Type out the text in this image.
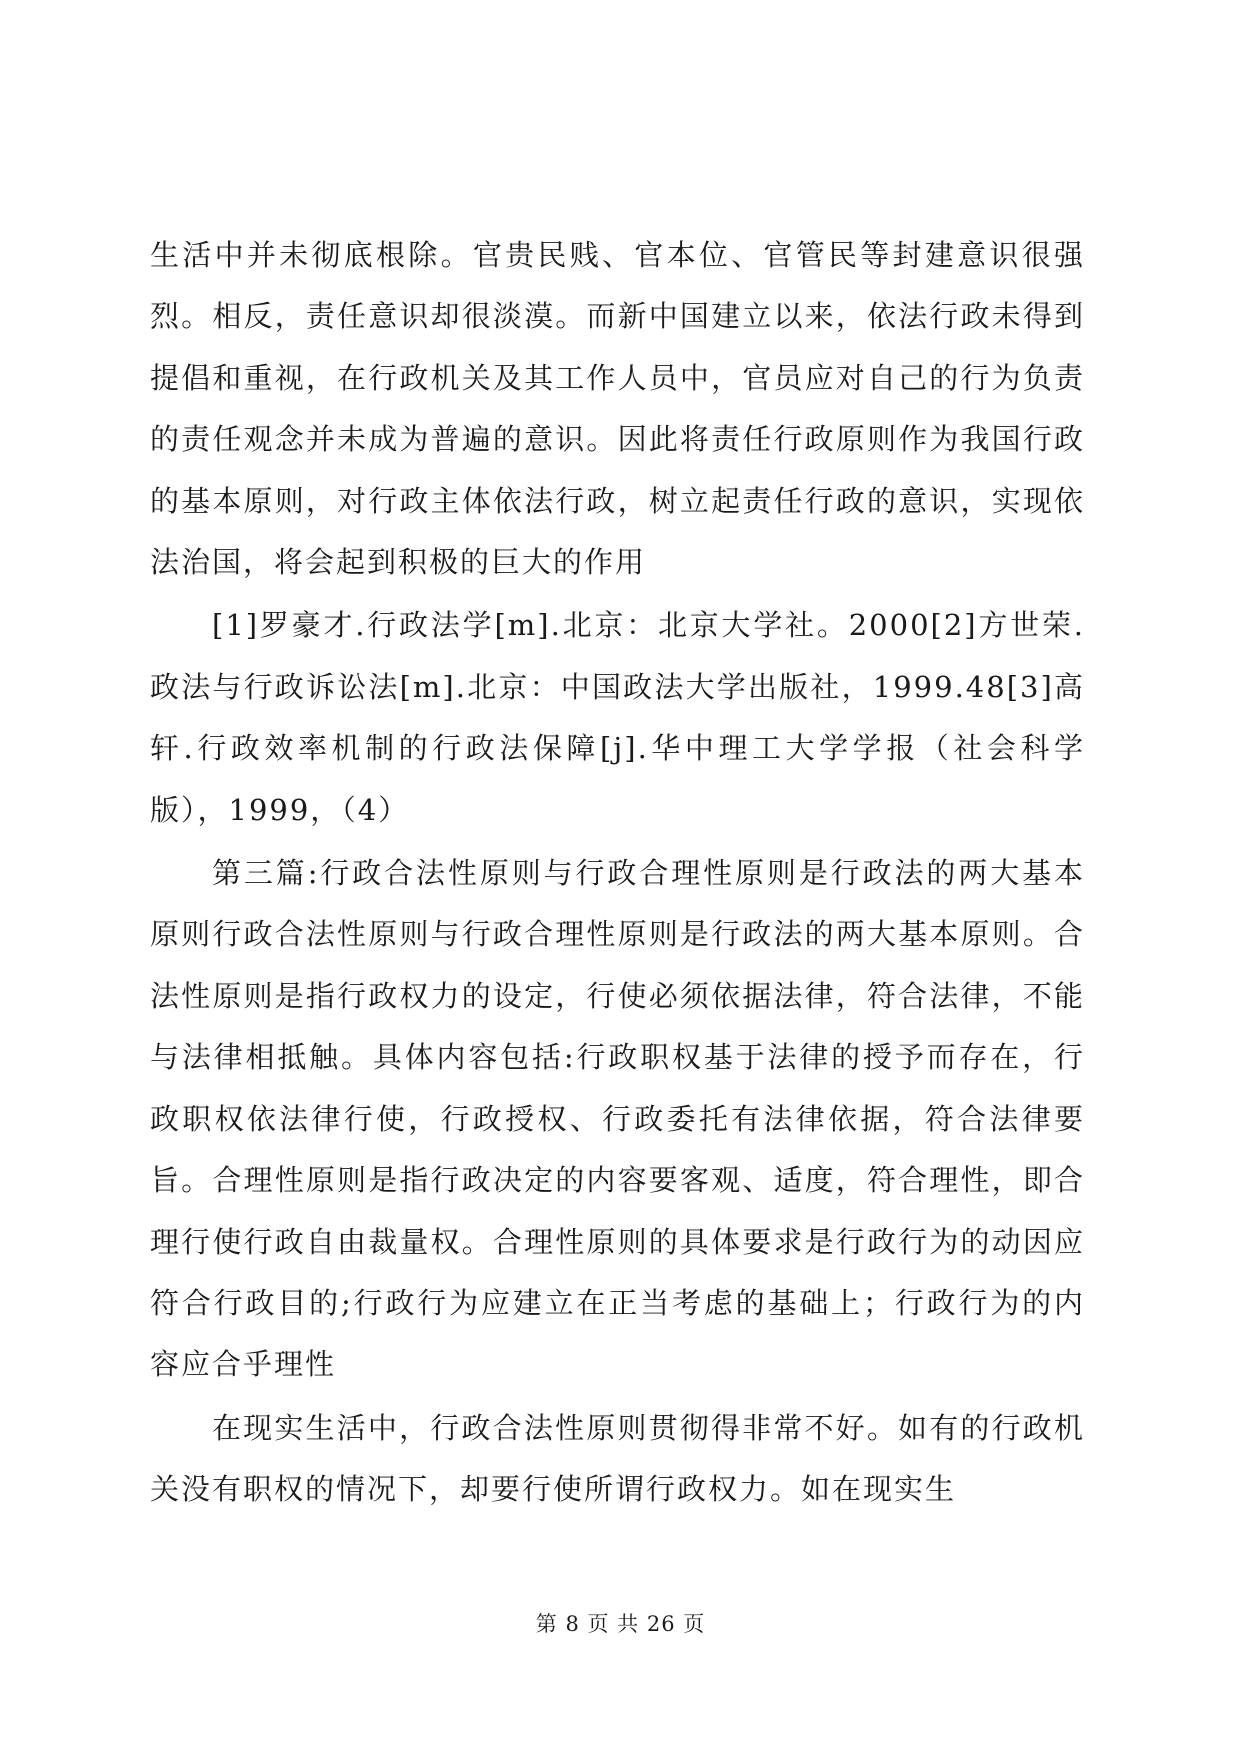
生活中并未彻底根除。官贵民贱、官本位、官管民等封建意识很强烈。相反，责任意识却很淡漠。而新中国建立以来，依法行政未得到提倡和重视，在行政机关及其工作人员中，官员应对自己的行为负责的责任观念并未成为普遍的意识。因此将责任行政原则作为我国行政的基本原则，对行政主体依法行政，树立起责任行政的意识，实现依法治国，将会起到积极的巨大的作用

[1]罗豪才.行政法学[m].北京：北京大学社。2000[2]方世荣.政法与行政诉讼法[m].北京：中国政法大学出版社，1999.48[3]高轩.行政效率机制的行政法保障[j].华中理工大学学报（社会科学版），1999，（4）

第三篇:行政合法性原则与行政合理性原则是行政法的两大基本原则行政合法性原则与行政合理性原则是行政法的两大基本原则。合法性原则是指行政权力的设定，行使必须依据法律，符合法律，不能与法律相抵触。具体内容包括:行政职权基于法律的授予而存在，行政职权依法律行使，行政授权、行政委托有法律依据，符合法律要旨。合理性原则是指行政决定的内容要客观、适度，符合理性，即合理行使行政自由裁量权。合理性原则的具体要求是行政行为的动因应符合行政目的;行政行为应建立在正当考虑的基础上；行政行为的内容应合乎理性

在现实生活中，行政合法性原则贯彻得非常不好。如有的行政机关没有职权的情况下，却要行使所谓行政权力。如在现实生

第 8 页 共 26 页
